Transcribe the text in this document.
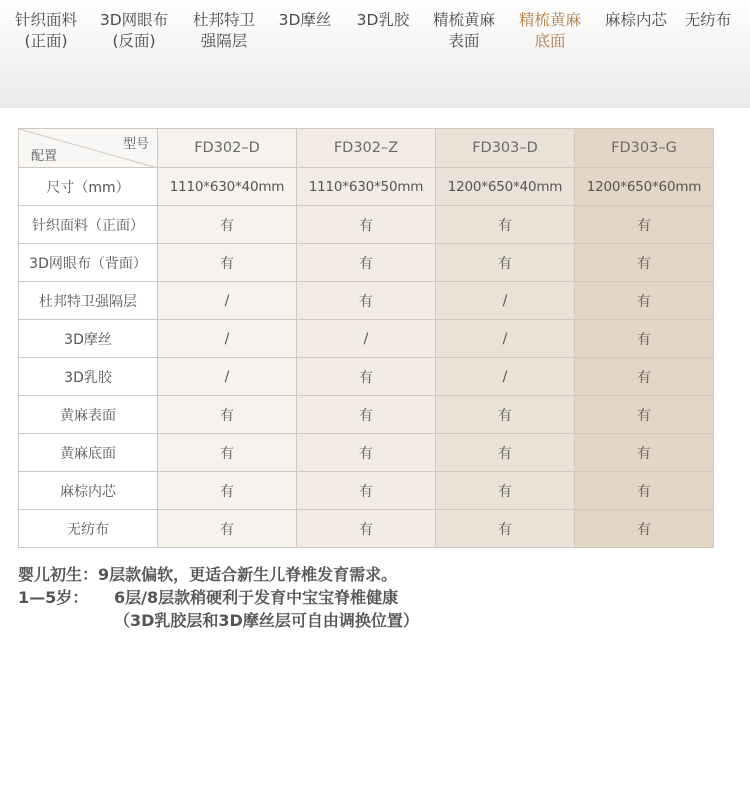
针织面料
(正面)
3D网眼布
(反面)
杜邦特卫
强隔层
3D摩丝	3D乳胶	精梳黄麻
表面
精梳黄麻
底面
麻棕内芯	无纺布
型号
配置	FD302–D	FD302–Z	FD303–D	FD303–G
尺寸（mm）	1110*630*40mm	1110*630*50mm	1200*650*40mm	1200*650*60mm
针织面料（正面）	有	有	有	有
3D网眼布（背面）	有	有	有	有
杜邦特卫强隔层	/	有	/	有
3D摩丝	/	/	/	有
3D乳胶	/	有	/	有
黄麻表面	有	有	有	有
黄麻底面	有	有	有	有
麻棕内芯	有	有	有	有
无纺布	有	有	有	有
婴儿初生：9层款偏软，更适合新生儿脊椎发育需求。
1—5岁： 6层/8层款稍硬利于发育中宝宝脊椎健康
（3D乳胶层和3D摩丝层可自由调换位置）
